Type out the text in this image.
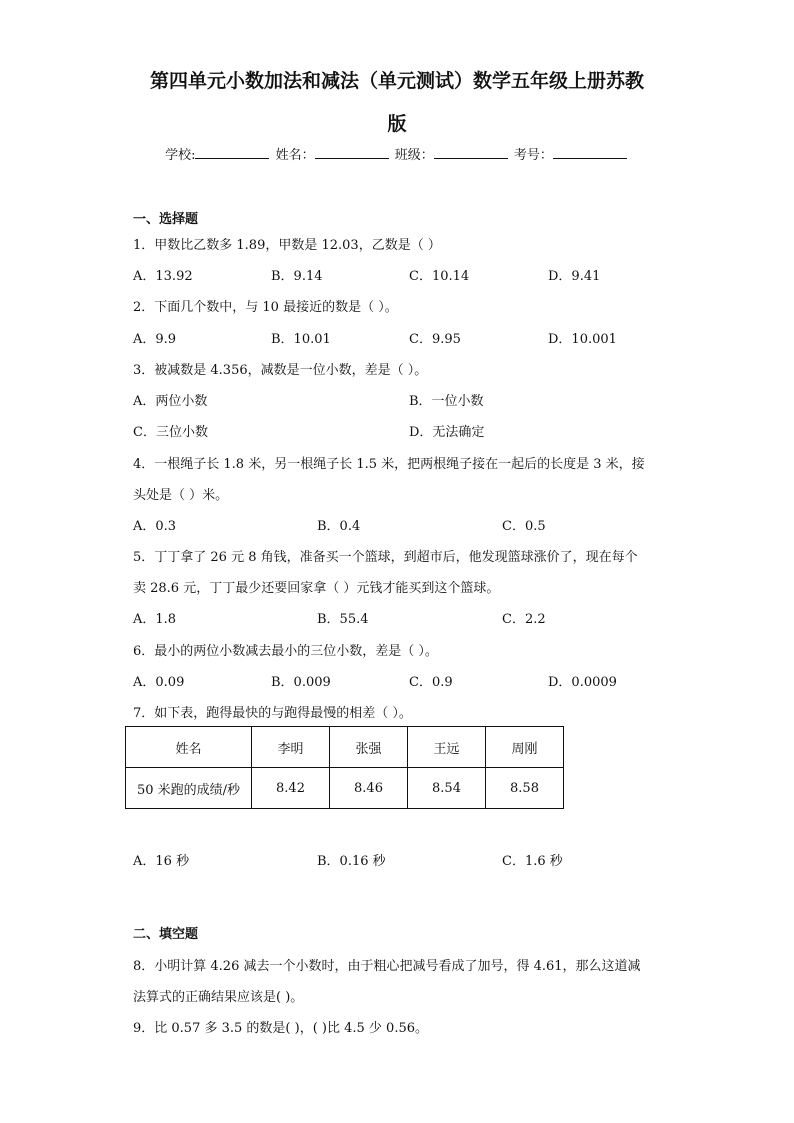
第四单元小数加法和减法（单元测试）数学五年级上册苏教
版
学校:	姓名：	班级：	考号：
一、选择题
1．甲数比乙数多 1.89，甲数是 12.03，乙数是（ ）
A．13.92	B．9.14	C．10.14	D．9.41
2．下面几个数中，与 10 最接近的数是（ ）。
A．9.9	B．10.01	C．9.95	D．10.001
3．被减数是 4.356，减数是一位小数，差是（ ）。
A．两位小数	B．一位小数
C．三位小数	D．无法确定
4．一根绳子长 1.8 米，另一根绳子长 1.5 米，把两根绳子接在一起后的长度是 3 米，接
头处是（ ）米。
A．0.3	B．0.4	C．0.5
5．丁丁拿了 26 元 8 角钱，准备买一个篮球，到超市后，他发现篮球涨价了，现在每个
卖 28.6 元，丁丁最少还要回家拿（ ）元钱才能买到这个篮球。
A．1.8	B．55.4	C．2.2
6．最小的两位小数减去最小的三位小数，差是（ ）。
A．0.09	B．0.009	C．0.9	D．0.0009
7．如下表，跑得最快的与跑得最慢的相差（ ）。
姓名	李明	张强	王远	周刚
50 米跑的成绩/秒	8.42	8.46	8.54	8.58
A．16 秒	B．0.16 秒	C．1.6 秒
二、填空题
8．小明计算 4.26 减去一个小数时，由于粗心把减号看成了加号，得 4.61，那么这道减
法算式的正确结果应该是( )。
9．比 0.57 多 3.5 的数是( )，( )比 4.5 少 0.56。
